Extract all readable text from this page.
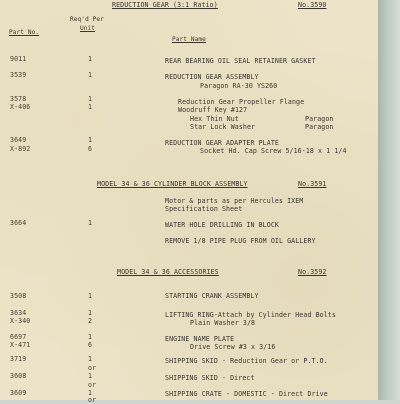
REDUCTION GEAR (3:1 Ratio)	No.3590
Part No.
Req'd Per
Unit
Part Name
9011	1	REAR BEARING OIL SEAL RETAINER GASKET
3539	1	REDUCTION GEAR ASSEMBLY
Paragon RA-30 YS260
3578	1	Reduction Gear Propeller Flange
X-406	1	Woodruff Key #127
Hex Thin Nut	Paragon
Star Lock Washer	Paragon
3649	1	REDUCTION GEAR ADAPTER PLATE
X-892	6	Socket Hd. Cap Screw 5/16-18 x 1 1/4
MODEL 34 & 36 CYLINDER BLOCK ASSEMBLY	No.3591
Motor & parts as per Hercules IXEM
Specification Sheet
3664	1	WATER HOLE DRILLING IN BLOCK
REMOVE 1/8 PIPE PLUG FROM OIL GALLERY
MODEL 34 & 36 ACCESSORIES	No.3592
3508	1	STARTING CRANK ASSEMBLY
3634	1	LIFTING RING-Attach by Cylinder Head Bolts
X-340	2	Plain Washer 3/8
6697	1	ENGINE NAME PLATE
X-471	6	Drive Screw #3 x 3/16
3719	1	SHIPPING SKID - Reduction Gear or P.T.O.
or
3608	1	SHIPPING SKID - Direct
or
3609	1	SHIPPING CRATE - DOMESTIC - Direct Drive
or
